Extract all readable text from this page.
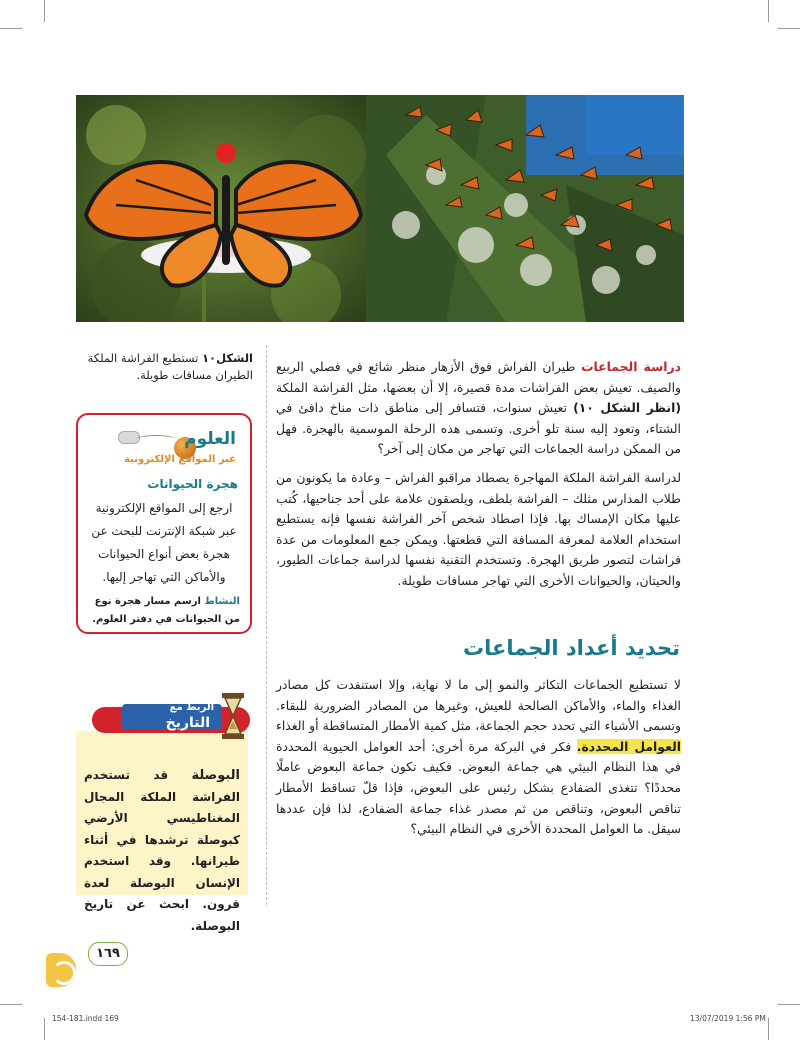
الشكل١٠ تستطيع الفراشة الملكة الطيران مسافات طويلة.

دراسة الجماعات طيران الفراش فوق الأزهار منظر شائع في فصلي الربيع والصيف. تعيش بعض الفراشات مدة قصيرة، إلا أن بعضها، مثل الفراشة الملكة (انظر الشكل ١٠) تعيش سنوات، فتسافر إلى مناطق ذات مناخ دافئ في الشتاء، وتعود إليه سنة تلو أخرى. وتسمى هذه الرحلة الموسمية بالهجرة. فهل من الممكن دراسة الجماعات التي تهاجر من مكان إلى آخر؟

لدراسة الفراشة الملكة المهاجرة يصطاد مراقبو الفراش – وعادة ما يكونون من طلاب المدارس مثلك – الفراشة بلطف، ويلصقون علامة على أحد جناحيها، كُتب عليها مكان الإمساك بها. فإذا اصطاد شخص آخر الفراشة نفسها فإنه يستطيع استخدام العلامة لمعرفة المسافة التي قطعتها. ويمكن جمع المعلومات من عدة فراشات لتصور طريق الهجرة. وتستخدم التقنية نفسها لدراسة جماعات الطيور، والحيتان، والحيوانات الأخرى التي تهاجر مسافات طويلة.

تحديد أعداد الجماعات

لا تستطيع الجماعات التكاثر والنمو إلى ما لا نهاية، وإلا استنفدت كل مصادر الغذاء والماء، والأماكن الصالحة للعيش، وغيرها من المصادر الضرورية للبقاء. وتسمى الأشياء التي تحدد حجم الجماعة، مثل كمية الأمطار المتساقطة أو الغذاء العوامل المحددة. فكر في البركة مرة أخرى: أحد العوامل الحيوية المحددة في هذا النظام البيئي هي جماعة البعوض. فكيف تكون جماعة البعوض عاملًا محددًا؟ تتغذى الضفادع بشكل رئيس على البعوض، فإذا قلّ تساقط الأمطار تناقص البعوض، وتناقص من ثم مصدر غذاء جماعة الضفادع، لذا فإن عددها سيقل. ما العوامل المحددة الأخرى في النظام البيئي؟

العلوم
عبر المواقع الإلكترونية
هجرة الحيوانات
ارجع إلى المواقع الإلكترونية عبر شبكة الإنترنت للبحث عن هجرة بعض أنواع الحيوانات والأماكن التي تهاجر إليها.
النشاط ارسم مسار هجرة نوع من الحيوانات في دفتر العلوم.
الربط مع
التاريخ
البوصلة قد تستخدم الفراشة الملكة المجال المغناطيسي الأرضي كبوصلة ترشدها في أثناء طيرانها. وقد استخدم الإنسان البوصلة لعدة قرون. ابحث عن تاريخ البوصلة.
١٦٩
154-181.indd 169	13/07/2019 1:56 PM
